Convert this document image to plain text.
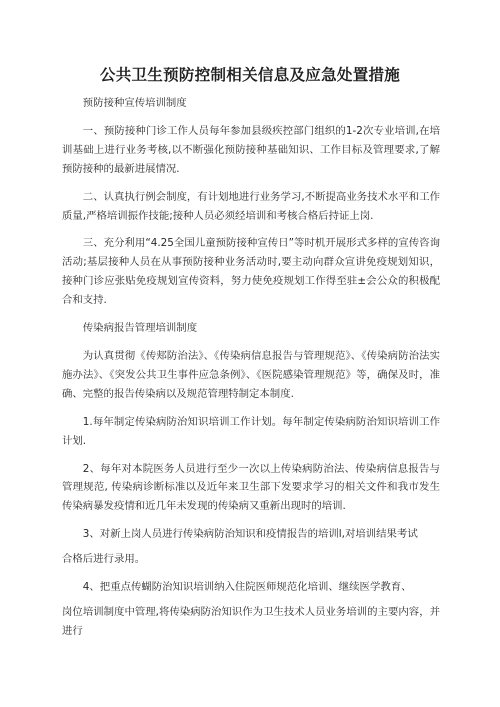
公共卫生预防控制相关信息及应急处置措施

预防接种宣传培训制度

一、预防接种门诊工作人员每年参加县级疾控部门组织的1-2次专业培训,在培训基础上进行业务考核,以不断强化预防接种基础知识、工作目标及管理要求,了解预防接种的最新进展情况.

二、认真执行例会制度，有计划地进行业务学习,不断提高业务技术水平和工作质量,严格培训振作技能;接种人员必须经培训和考核合格后持证上岗.

三、充分利用“4.25全国儿童预防接种宣传日”等时机开展形式多样的宣传咨询活动;基层接种人员在从事预防接种业务活动时,要主动向群众宣讲免疫规划知识，接种门诊应张贴免疫规划宣传资料，努力使免疫规划工作得至驻±会公众的积极配合和支持.

传染病报告管理培训制度

为认真贯彻《传郏防治法》、《传染病信息报告与管理规范》、《传染病防治法实施办法》、《突发公共卫生事件应急条例》、《医院感染管理规范》等，确保及时，准确、完整的报告传染病以及规范管理特制定本制度.

1.每年制定传染病防治知识培训工作计划。每年制定传染病防治知识培训工作计划.

2、每年对本院医务人员进行至少一次以上传染病防治法、传染病信息报告与管理规范, 传染病诊断标准以及近年来卫生部下发要求学习的相关文件和我市发生传染病暴发疫情和近几年未发现的传染病又重新出现时的培训.

3、对新上岗人员进行传染病防治知识和疫情报告的培训l,对培训结果考试

合格后进行录用。

4、把重点传蝴防治知识培训纳入住院医师规范化培训、继续医学教育、

岗位培训制度中管理,将传染病防治知识作为卫生技术人员业务培训的主要内容，并进行
